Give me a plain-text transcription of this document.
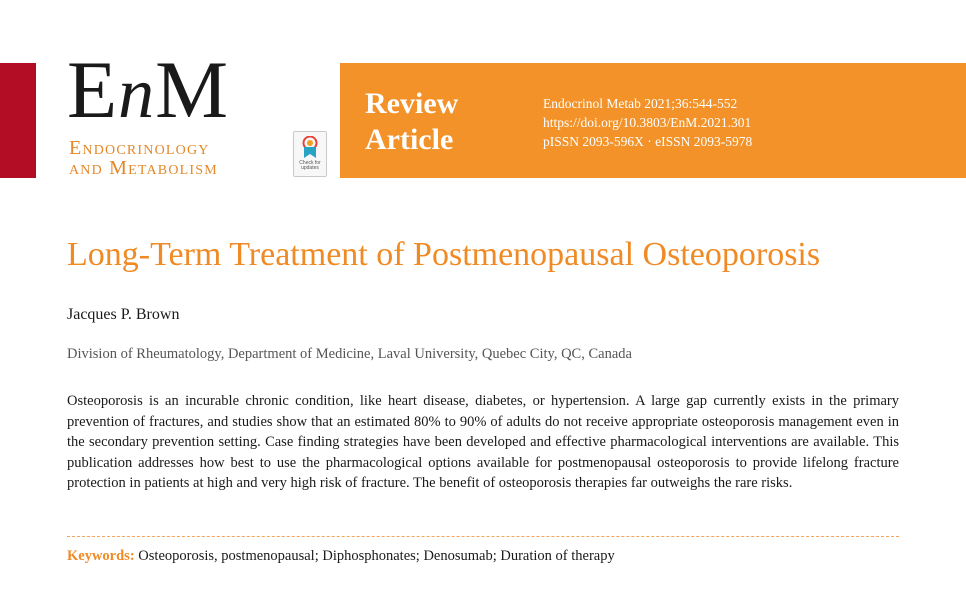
EnM
Endocrinology
and Metabolism	Check for
updates
Review
Article
Endocrinol Metab 2021;36:544-552
https://doi.org/10.3803/EnM.2021.301
pISSN 2093-596X · eISSN 2093-5978
Long-Term Treatment of Postmenopausal Osteoporosis
Jacques P. Brown
Division of Rheumatology, Department of Medicine, Laval University, Quebec City, QC, Canada

Osteoporosis is an incurable chronic condition, like heart disease, diabetes, or hypertension. A large gap currently exists in the primary prevention of fractures, and studies show that an estimated 80% to 90% of adults do not receive appropriate osteoporosis management even in the secondary prevention setting. Case finding strategies have been developed and effective pharmacological interventions are available. This publication addresses how best to use the pharmacological options available for postmenopausal osteoporosis to provide lifelong fracture protection in patients at high and very high risk of fracture. The benefit of osteoporosis therapies far outweighs the rare risks.

Keywords: Osteoporosis, postmenopausal; Diphosphonates; Denosumab; Duration of therapy
